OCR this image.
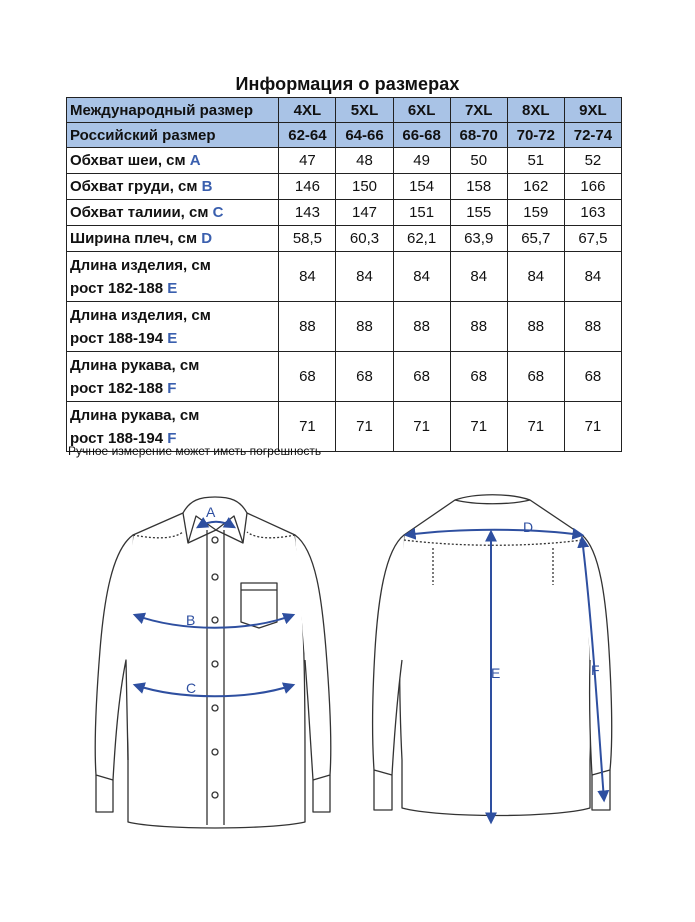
Информация о размерах
Международный размер	4XL	5XL	6XL	7XL	8XL	9XL
Российский размер	62-64	64-66	66-68	68-70	70-72	72-74
Обхват шеи, см A	47	48	49	50	51	52
Обхват груди, см B	146	150	154	158	162	166
Обхват талиии, см C	143	147	151	155	159	163
Ширина плеч, см D	58,5	60,3	62,1	63,9	65,7	67,5
Длина изделия, см
рост 182-188 E	84	84	84	84	84	84
Длина изделия, см
рост 188-194 E	88	88	88	88	88	88
Длина рукава, см
рост 182-188 F	68	68	68	68	68	68
Длина рукава, см
рост 188-194 F	71	71	71	71	71	71
Ручное измерение может иметь погрешность
A
B
C
D
E	F
